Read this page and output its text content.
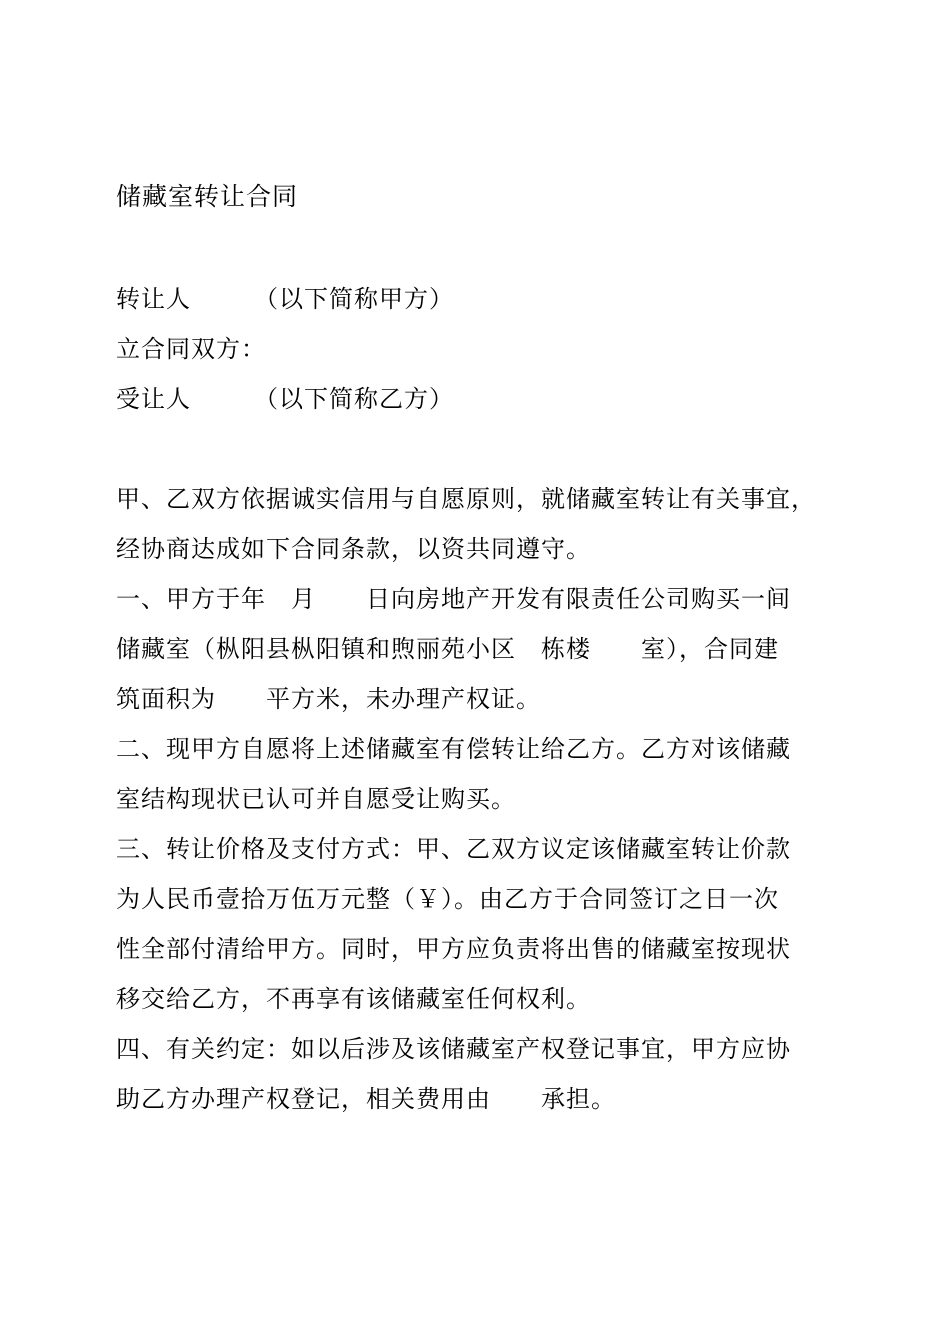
储藏室转让合同
转让人　　　（以下简称甲方）
立合同双方：
受让人　　　（以下简称乙方）
甲、乙双方依据诚实信用与自愿原则，就储藏室转让有关事宜，
经协商达成如下合同条款，以资共同遵守。
一、甲方于年　月　　日向房地产开发有限责任公司购买一间
储藏室（枞阳县枞阳镇和煦丽苑小区　栋楼　　室），合同建
筑面积为　　平方米，未办理产权证。
二、现甲方自愿将上述储藏室有偿转让给乙方。乙方对该储藏
室结构现状已认可并自愿受让购买。
三、转让价格及支付方式：甲、乙双方议定该储藏室转让价款
为人民币壹拾万伍万元整（￥）。由乙方于合同签订之日一次
性全部付清给甲方。同时，甲方应负责将出售的储藏室按现状
移交给乙方，不再享有该储藏室任何权利。
四、有关约定：如以后涉及该储藏室产权登记事宜，甲方应协
助乙方办理产权登记，相关费用由　　承担。
